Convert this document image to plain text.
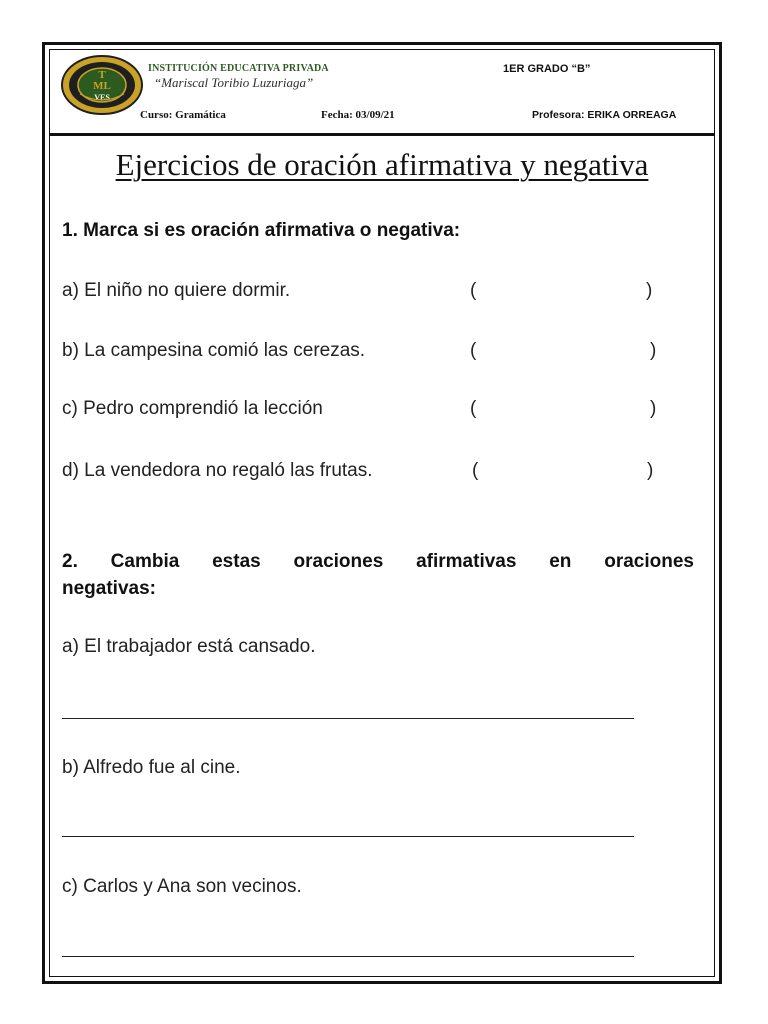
T
ML
VES
INSTITUCIÓN EDUCATIVA PRIVADA
“Mariscal Toribio Luzuriaga”
1ER GRADO “B”
Curso: Gramática	Fecha: 03/09/21	Profesora: ERIKA ORREAGA
Ejercicios de oración afirmativa y negativa
1. Marca si es oración afirmativa o negativa:
a) El niño no quiere dormir.	(	)
b) La campesina comió las cerezas.	(	)
c) Pedro comprendió la lección	(	)
d) La vendedora no regaló las frutas.	(	)
2. Cambia estas oraciones afirmativas en oraciones
negativas:
a) El trabajador está cansado.
b) Alfredo fue al cine.
c) Carlos y Ana son vecinos.
